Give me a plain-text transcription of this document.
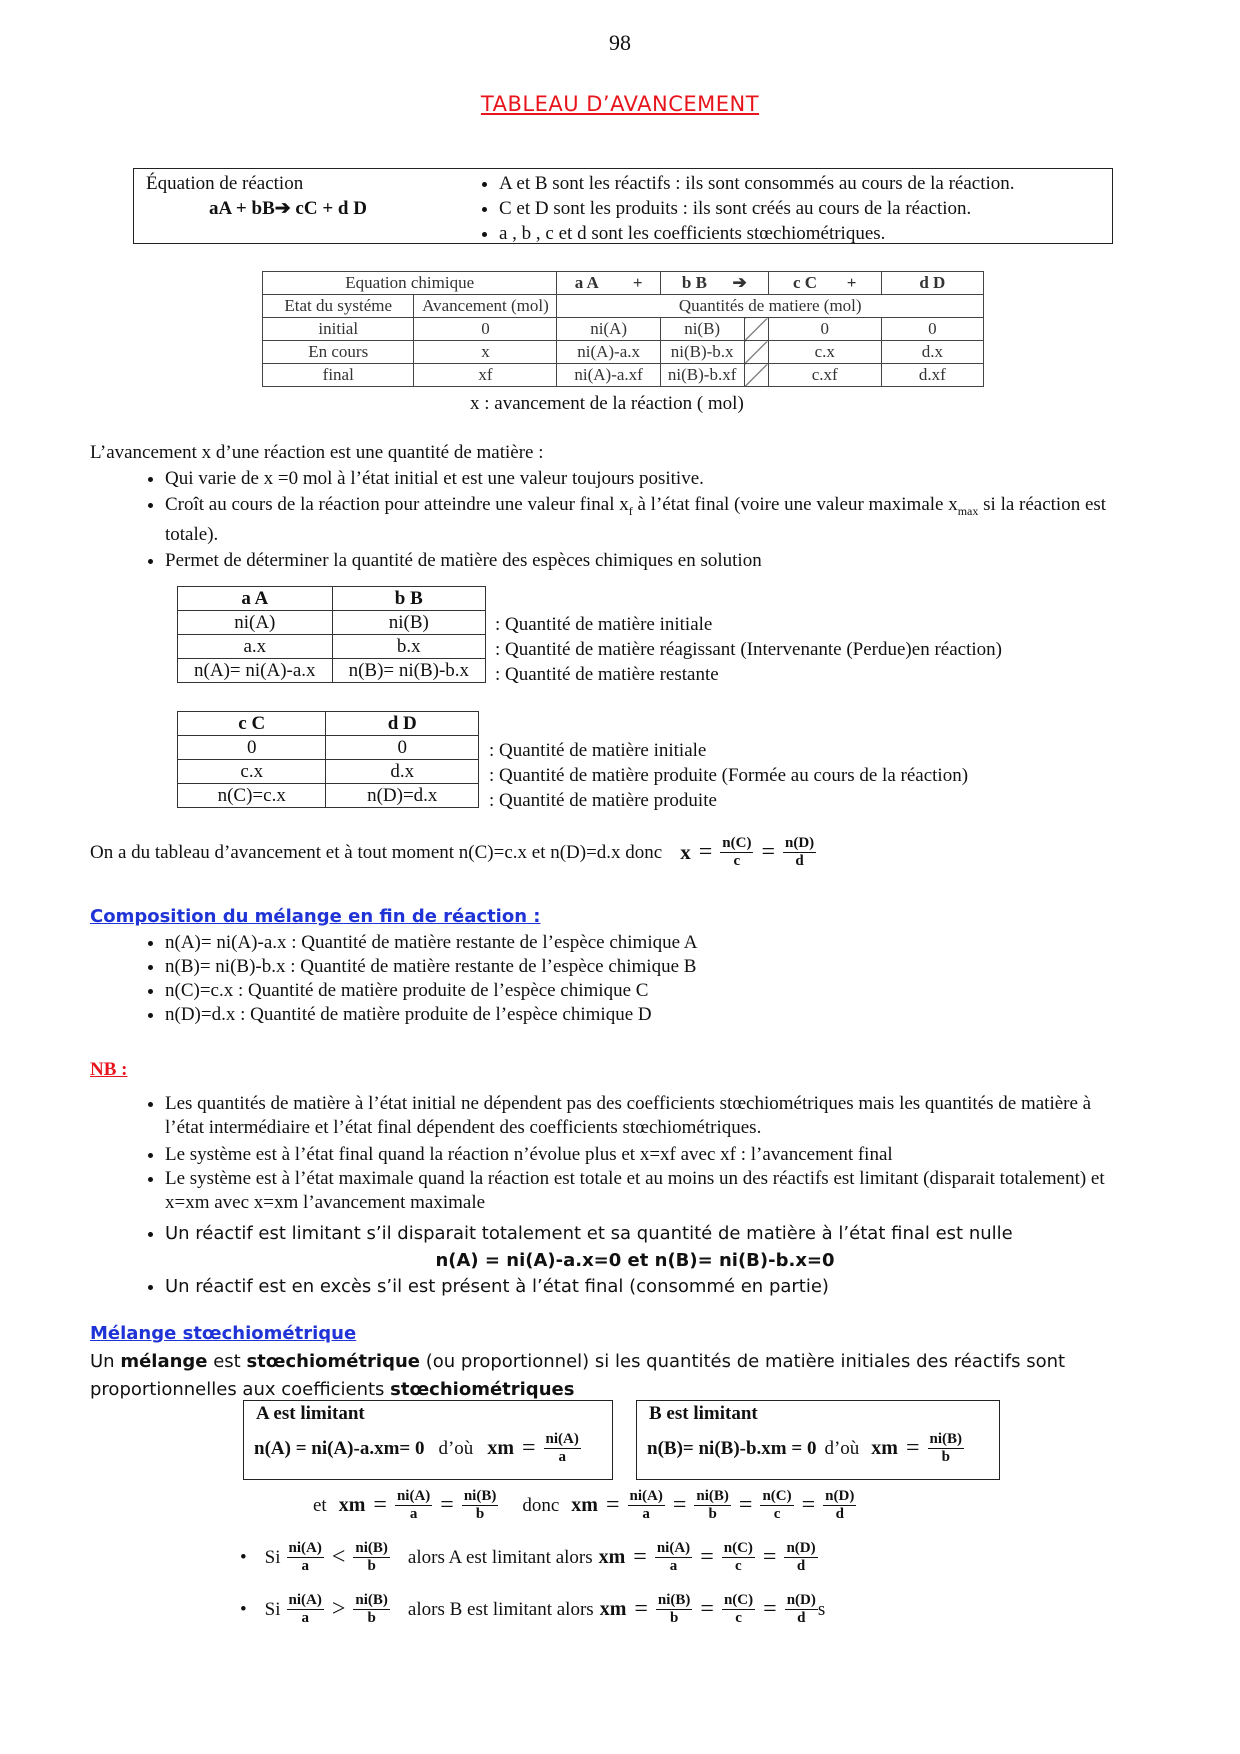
98
TABLEAU D’AVANCEMENT
Équation de réaction
aA + bB➔ cC + d D
• A et B sont les réactifs : ils sont consommés au cours de la réaction.
• C et D sont les produits : ils sont créés au cours de la réaction.
• a , b , c et d sont les coefficients stœchiométriques.
Equation chimique		a A +	b B ➔		c C +	d D
Etat du systéme	Avancement (mol)	Quantités de matiere (mol)				
initial	0	ni(A)	ni(B)		0	0
En cours	x	ni(A)-a.x	ni(B)-b.x		c.x	d.x
final	xf	ni(A)-a.xf	ni(B)-b.xf		c.xf	d.xf
x : avancement de la réaction ( mol)

L’avancement x d’une réaction est une quantité de matière :

• Qui varie de x =0 mol à l’état initial et est une valeur toujours positive.
• Croît au cours de la réaction pour atteindre une valeur final $x_f$ à l’état final (voire une valeur maximale $x_{max}$ si la réaction est totale).
• Permet de déterminer la quantité de matière des espèces chimiques en solution
a A	b B
ni(A)	ni(B)
a.x	b.x
n(A)= ni(A)-a.x	n(B)= ni(B)-b.x
: Quantité de matière initiale
: Quantité de matière réagissant (Intervenante (Perdue)en réaction)
: Quantité de matière restante
c C	d D
0	0
c.x	d.x
n(C)=c.x	n(D)=d.x
: Quantité de matière initiale
: Quantité de matière produite (Formée au cours de la réaction)
: Quantité de matière produite
On a du tableau d’avancement et à tout moment n(C)=c.x et n(D)=d.x donc $x = \frac{n(C)}{c} = \frac{n(D)}{d}$
Composition du mélange en fin de réaction :
• n(A)= ni(A)-a.x : Quantité de matière restante de l’espèce chimique A
• n(B)= ni(B)-b.x : Quantité de matière restante de l’espèce chimique B
• n(C)=c.x : Quantité de matière produite de l’espèce chimique C
• n(D)=d.x : Quantité de matière produite de l’espèce chimique D
NB :
• Les quantités de matière à l’état initial ne dépendent pas des coefficients stœchiométriques mais les quantités de matière à l’état intermédiaire et l’état final dépendent des coefficients stœchiométriques.
• Le système est à l’état final quand la réaction n’évolue plus et x=xf avec xf : l’avancement final
• Le système est à l’état maximale quand la réaction est totale et au moins un des réactifs est limitant (disparait totalement) et x=xm avec x=xm l’avancement maximale
• Un réactif est limitant s’il disparait totalement et sa quantité de matière à l’état final est nulle
n(A) = ni(A)-a.x=0 et n(B)= ni(B)-b.x=0
• Un réactif est en excès s’il est présent à l’état final (consommé en partie)
Mélange stœchiométrique
Un mélange est stœchiométrique (ou proportionnel) si les quantités de matière initiales des réactifs sont proportionnelles aux coefficients stœchiométriques
A est limitant
n(A) = ni(A)-a.xm= 0 d’où xm = $\frac{ni(A)}{a}$
B est limitant
n(B)= ni(B)-b.xm = 0 d’où xm = $\frac{ni(B)}{b}$
et xm = $\frac{ni(A)}{a} = \frac{ni(B)}{b}$ donc xm = $\frac{ni(A)}{a} = \frac{ni(B)}{b} = \frac{n(C)}{c} = \frac{n(D)}{d}$
• Si $\frac{ni(A)}{a} < \frac{ni(B)}{b}$ alors A est limitant alors xm = $\frac{ni(A)}{a} = \frac{n(C)}{c} = \frac{n(D)}{d}$
• Si $\frac{ni(A)}{a} > \frac{ni(B)}{b}$ alors B est limitant alors xm = $\frac{ni(B)}{b} = \frac{n(C)}{c} = \frac{n(D)}{d}$ s
